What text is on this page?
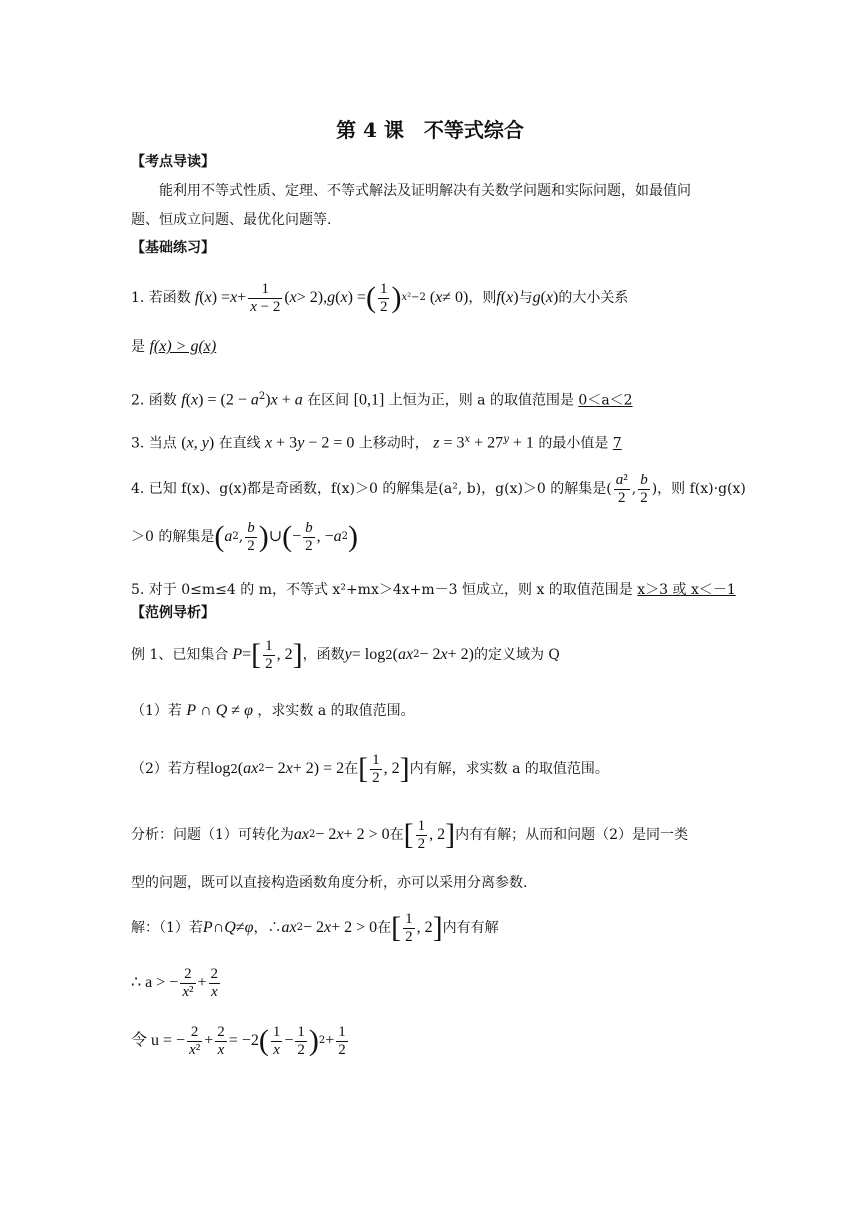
第 4 课　不等式综合
【考点导读】
能利用不等式性质、定理、不等式解法及证明解决有关数学问题和实际问题，如最值问
题、恒成立问题、最优化问题等.
【基础练习】
1. 若函数 f ( x ) = $x + \frac{1}{x - 2}$ ( x > 2), g ( x ) = ( $\frac{1}{2}$ ) x²−2 ( x ≠ 0) ，则 f ( x ) 与 g ( x ) 的大小关系
是 f(x) > g(x)
2. 函数 $f(x) = (2 - a^2)x + a$ 在区间 [0,1] 上恒为正，则 a 的取值范围是 0＜a＜2
3. 当点 (x, y) 在直线 x + 3y − 2 = 0 上移动时， $z = 3^x + 27^y + 1$ 的最小值是 7
4. 已知 f(x)、g(x)都是奇函数，f(x)＞0 的解集是(a², b)，g(x)＞0 的解集是( $\frac{\text{a²}}{2}$ , $\frac{b}{2}$ )，则 f(x)·g(x)
＞0 的解集是 ( a 2 , $\frac{b}{2}$ ) ∪ ( − $\frac{b}{2}$ , − a 2 )
5. 对于 0≤m≤4 的 m，不等式 x²+mx＞4x+m－3 恒成立，则 x 的取值范围是 x＞3 或 x＜－1
【范例导析】
例 1、已知集合 P = [ $\frac{1}{2}$ , 2 ] ，函数 y = log 2 ( ax 2 − 2 x + 2) 的定义域为 Q
（1）若 P ∩ Q ≠ φ ，求实数 a 的取值范围。
（2）若方程 log 2 ( ax 2 − 2 x + 2) = 2 在 [ $\frac{1}{2}$ , 2 ] 内有解，求实数 a 的取值范围。
分析：问题（1）可转化为 ax 2 − 2 x + 2 > 0 在 [ $\frac{1}{2}$ , 2 ] 内有有解；从而和问题（2）是同一类
型的问题，既可以直接构造函数角度分析，亦可以采用分离参数.
解：（1）若 P ∩ Q ≠ φ ，∴ ax 2 − 2 x + 2 > 0 在 [ $\frac{1}{2}$ , 2 ] 内有有解
∴ a > − $\frac{2}{\text{x²}} + \frac{2}{x}$
令 u = − $\frac{2}{\text{x²}} + \frac{2}{x} = -2$ ( $\frac{1}{x} - \frac{1}{2}$ ) $2 + \frac{1}{2}$
